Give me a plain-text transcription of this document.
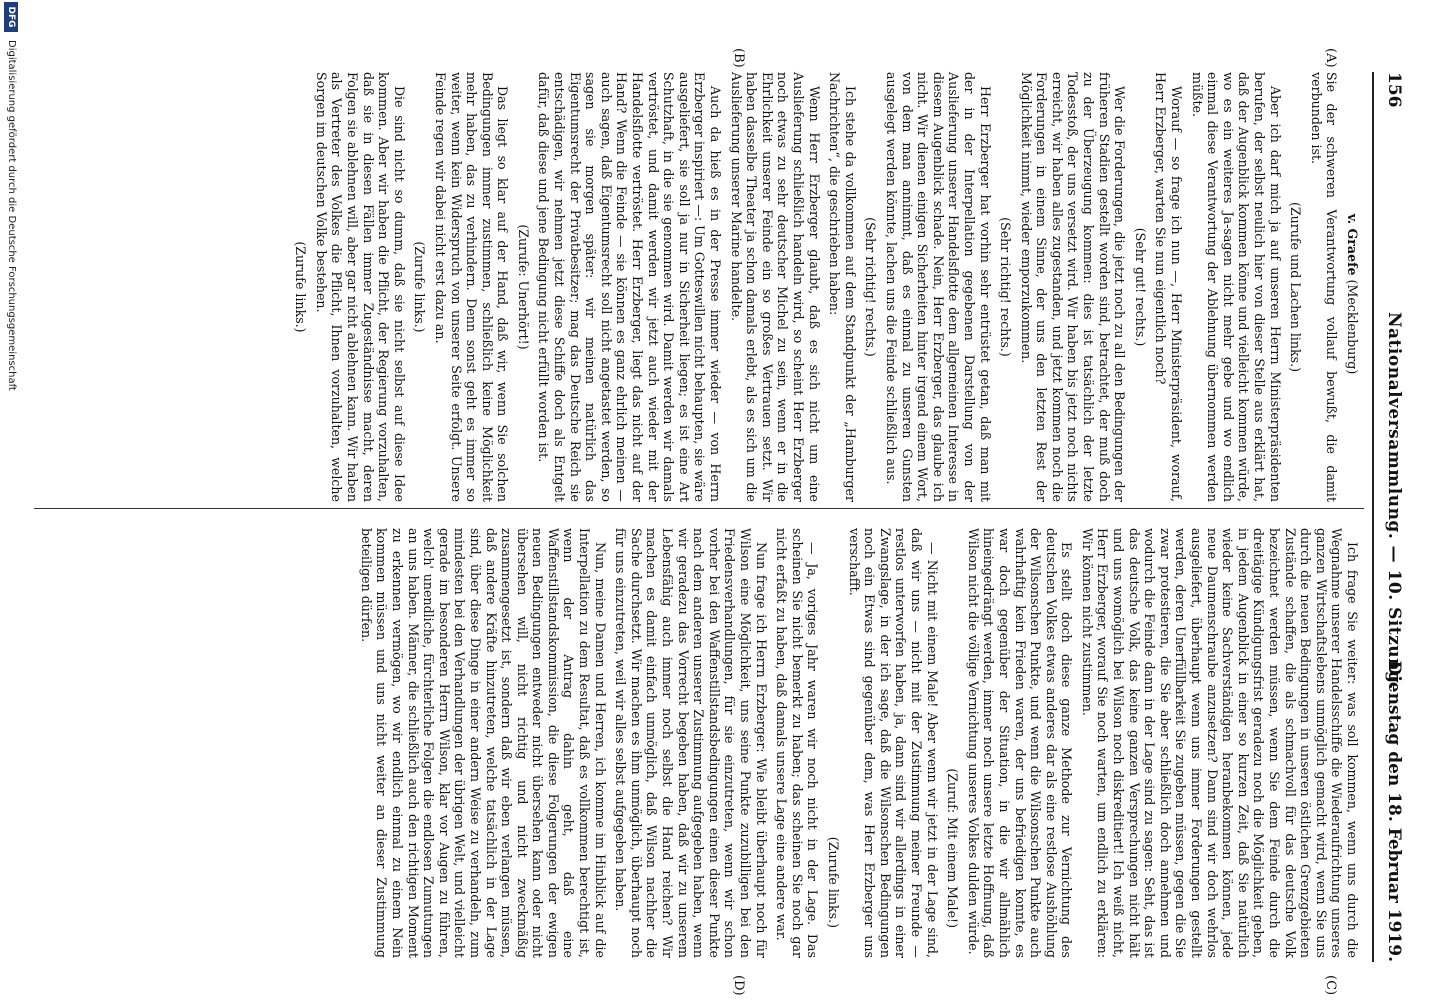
156
Nationalversammlung. — 10. Sitzung.
Dienstag den 18. Februar 1919.
(A)
(B)
(C)
(D)

v. Graefe (Mecklenburg)

Sie der schweren Verantwortung vollauf bewußt, die damit verbunden ist.

(Zurufe und Lachen links.)

Aber ich darf mich ja auf unseren Herrn Ministerpräsidenten berufen, der selbst neulich hier von dieser Stelle aus erklärt hat, daß der Augenblick kommen könne und vielleicht kommen würde, wo es ein weiteres Ja-sagen nicht mehr gebe und wo endlich einmal diese Verantwortung der Ablehnung übernommen werden müßte.

Worauf — so frage ich nun —, Herr Ministerpräsident, worauf, Herr Erzberger, warten Sie nun eigentlich noch?

(Sehr gut! rechts.)

Wer die Forderungen, die jetzt noch zu all den Bedingungen der früheren Stadien gestellt worden sind, betrachtet, der muß doch zu der Überzeugung kommen: dies ist tatsächlich der letzte Todesstoß, der uns versetzt wird. Wir haben bis jetzt noch nichts erreicht, wir haben alles zugestanden, und jetzt kommen noch die Forderungen in einem Sinne, der uns den letzten Rest der Möglichkeit nimmt, wieder emporzukommen.

(Sehr richtig! rechts.)

Herr Erzberger hat vorhin sehr entrüstet getan, daß man mit der in der Interpellation gegebenen Darstellung von der Auslieferung unserer Handelsflotte dem allgemeinen Interesse in diesem Augenblick schade. Nein, Herr Erzberger, das glaube ich nicht. Wir dienen einigen Sicherheiten hinter irgend einem Wort, von dem man annimmt, daß es einmal zu unseren Gunsten ausgelegt werden könnte, lachen uns die Feinde schließlich aus.

(Sehr richtig! rechts.)

Ich stehe da vollkommen auf dem Standpunkt der „Hamburger Nachrichten“, die geschrieben haben:

Wenn Herr Erzberger glaubt, daß es sich nicht um eine Auslieferung schließlich handeln wird, so scheint Herr Erzberger noch etwas zu sehr deutscher Michel zu sein, wenn er in die Ehrlichkeit unserer Feinde ein so großes Vertrauen setzt. Wir haben dasselbe Theater ja schon damals erlebt, als es sich um die Auslieferung unserer Marine handelte.

Auch da hieß es in der Presse immer wieder — von Herrn Erzberger inspiriert —: Um Gotteswillen nicht behaupten, sie wäre ausgeliefert, sie soll ja nur in Sicherheit liegen; es ist eine Art Schutzhaft, in die sie genommen wird. Damit werden wir damals vertröstet, und damit werden wir jetzt auch wieder mit der Handelsflotte vertröstet. Herr Erzberger, liegt das nicht auf der Hand? Wenn die Feinde — sie können es ganz ehrlich meinen — auch sagen, daß Eigentumsrecht soll nicht angetastet werden, so sagen sie morgen später: wir meinen natürlich das Eigentumsrecht der Privatbesitzer; mag das Deutsche Reich sie entschädigen, wir nehmen jetzt diese Schiffe doch als Entgelt dafür, daß diese und jene Bedingung nicht erfüllt worden ist.

(Zurufe: Unerhört!)

Das liegt so klar auf der Hand, daß wir, wenn Sie solchen Bedingungen immer zustimmen, schließlich keine Möglichkeit mehr haben, das zu verhindern. Denn sonst geht es immer so weiter, wenn kein Widerspruch von unserer Seite erfolgt. Unsere Feinde regen wir dabei nicht erst dazu an.

(Zurufe links.)

Die sind nicht so dumm, daß sie nicht selbst auf diese Idee kommen. Aber wir haben die Pflicht, der Regierung vorzuhalten, daß sie in diesen Fällen immer Zugeständnisse macht, deren Folgen sie ablehnen will, aber gar nicht ablehnen kann. Wir haben als Vertreter des Volkes die Pflicht, Ihnen vorzuhalten, welche Sorgen im deutschen Volke bestehen.

(Zurufe links.)

Ich frage Sie weiter: was soll kommen, wenn uns durch die Wegnahme unserer Handelsschiffe die Wiederaufrichtung unseres ganzen Wirtschaftslebens unmöglich gemacht wird, wenn Sie uns durch die neuen Bedingungen in unseren östlichen Grenzgebieten Zustände schaffen, die als schmachvoll für das deutsche Volk bezeichnet werden müssen, wenn Sie dem Feinde durch die dreitägige Kündigungsfrist geradezu noch die Möglichkeit geben, in jedem Augenblick in einer so kurzen Zeit, daß Sie natürlich wieder keine Sachverständigen heranbekommen können, jede neue Daumenschraube anzusetzen? Dann sind wir doch wehrlos ausgeliefert, überhaupt wenn uns immer Forderungen gestellt werden, deren Unerfüllbarkeit Sie zugeben müssen, gegen die Sie zwar protestieren, die Sie aber schließlich doch annehmen und wodurch die Feinde dann in der Lage sind zu sagen: Seht, das ist das deutsche Volk, das keine ganzen Versprechungen nicht hält und uns womöglich bei Wilson noch diskreditiert! Ich weiß nicht, Herr Erzberger, worauf Sie noch warten, um endlich zu erklären: Wir können nicht zustimmen.

Es stellt doch diese ganze Methode zur Vernichtung des deutschen Volkes etwas anderes dar als eine restlose Aushöhlung der Wilsonschen Punkte, und wenn die Wilsonschen Punkte auch wahrhaftig kein Frieden waren, der uns befriedigen konnte, es war doch gegenüber der Situation, in die wir allmählich hineingedrängt werden, immer noch unsere letzte Hoffnung, daß Wilson nicht die völlige Vernichtung unseres Volkes dulden würde.

(Zuruf: Mit einem Male!)

— Nicht mit einem Male! Aber wenn wir jetzt in der Lage sind, daß wir uns — nicht mit der Zustimmung meiner Freunde — restlos unterworfen haben, ja, dann sind wir allerdings in einer Zwangslage, in der ich sage, daß die Wilsonschen Bedingungen noch ein Etwas sind gegenüber dem, was Herr Erzberger uns verschafft.

(Zurufe links.)

— Ja, voriges Jahr waren wir noch nicht in der Lage. Das scheinen Sie nicht bemerkt zu haben; das scheinen Sie noch gar nicht erfaßt zu haben, daß damals unsere Lage eine andere war.

Nun frage ich Herrn Erzberger: Wie bleibt überhaupt noch für Wilson eine Möglichkeit, uns seine Punkte zuzubilligen bei den Friedensverhandlungen, für sie einzutreten, wenn wir schon vorher bei den Waffenstillstandsbedingungen einen dieser Punkte nach dem anderen unserer Zustimmung aufgegeben haben, wenn wir geradezu das Vorrecht begeben haben, daß wir zu unserem Lebensfähig auch immer noch selbst die Hand reichen? Wir machen es damit einfach unmöglich, daß Wilson nachher die Sache durchsetzt. Wir machen es ihm unmöglich, überhaupt noch für uns einzutreten, weil wir alles selbst aufgegeben haben.

Nun, meine Damen und Herren, ich komme im Hinblick auf die Interpellation zu dem Resultat, daß es vollkommen berechtigt ist, wenn der Antrag dahin geht, daß eine Waffenstillstandskommission, die diese Folgerungen der ewigen neuen Bedingungen entweder nicht übersehen kann oder nicht übersehen will, nicht richtig und nicht zweckmäßig zusammengesetzt ist, sondern daß wir eben verlangen müssen, daß andere Kräfte hinzutreten, welche tatsächlich in der Lage sind, über diese Dinge in einer andern Weise zu verhandeln, zum mindesten bei den Verhandlungen der übrigen Welt, und vielleicht gerade im besonderen Herrn Wilson, klar vor Augen zu führen, welch' unendliche, fürchterliche Folgen die endlosen Zumutungen an uns haben. Männer, die schließlich auch den richtigen Moment zu erkennen vermögen, wo wir endlich einmal zu einem Nein kommen müssen und uns nicht weiter an dieser Zustimmung beteiligen dürfen.

DFG
Digitalisierung gefördert durch die Deutsche Forschungsgemeinschaft
